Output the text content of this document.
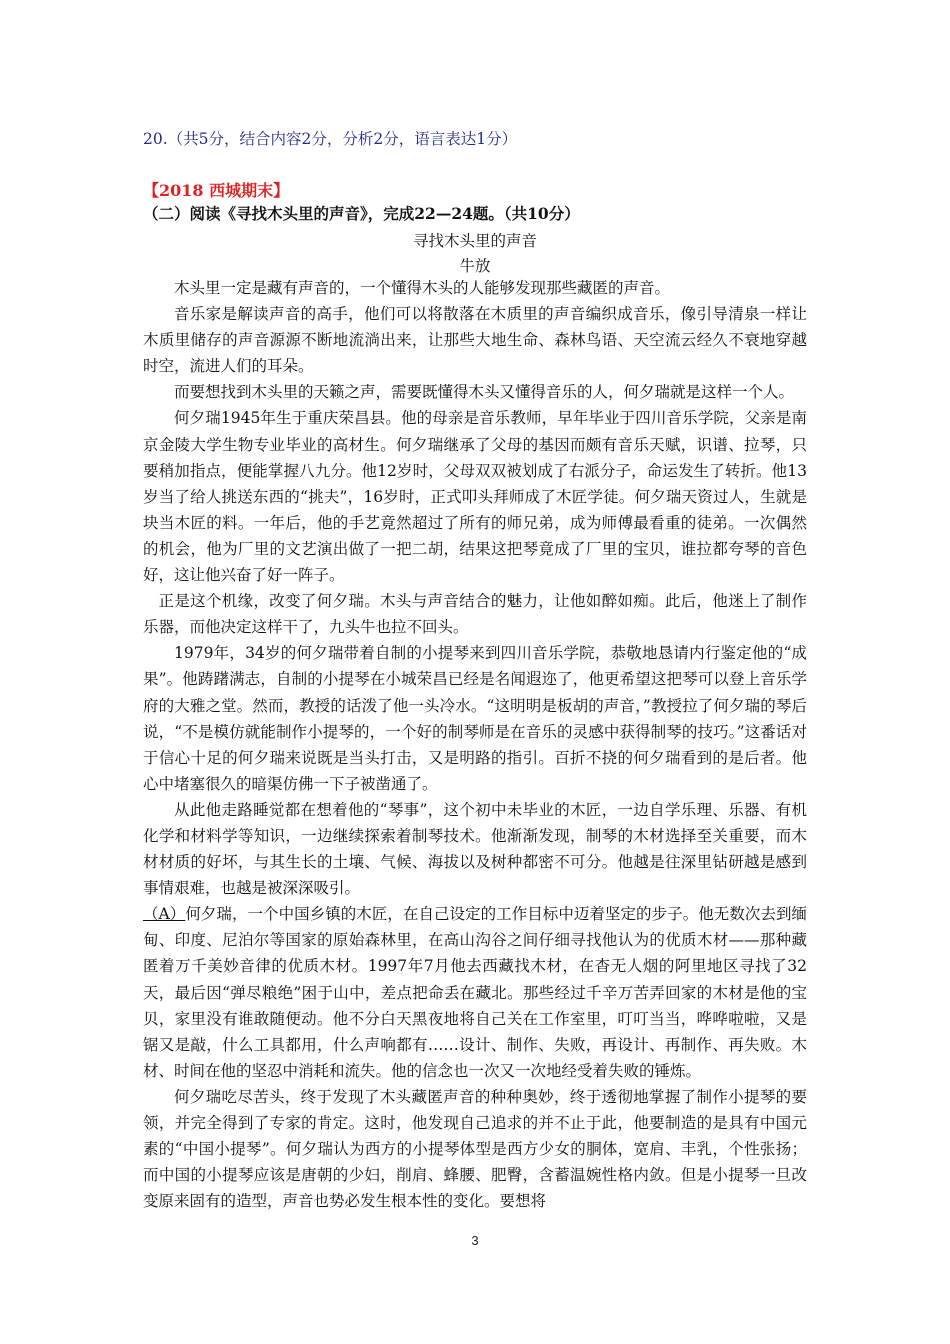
20.（共5分，结合内容2分，分析2分，语言表达1分）
【2018 西城期末】
（二）阅读《寻找木头里的声音》，完成22—24题。（共10分）
寻找木头里的声音
牛放

木头里一定是藏有声音的，一个懂得木头的人能够发现那些藏匿的声音。

音乐家是解读声音的高手，他们可以将散落在木质里的声音编织成音乐，像引导清泉一样让木质里储存的声音源源不断地流淌出来，让那些大地生命、森林鸟语、天空流云经久不衰地穿越时空，流进人们的耳朵。

而要想找到木头里的天籁之声，需要既懂得木头又懂得音乐的人，何夕瑞就是这样一个人。

何夕瑞1945年生于重庆荣昌县。他的母亲是音乐教师，早年毕业于四川音乐学院，父亲是南京金陵大学生物专业毕业的高材生。何夕瑞继承了父母的基因而颇有音乐天赋，识谱、拉琴，只要稍加指点，便能掌握八九分。他12岁时，父母双双被划成了右派分子，命运发生了转折。他13岁当了给人挑送东西的“挑夫”，16岁时，正式叩头拜师成了木匠学徒。何夕瑞天资过人，生就是块当木匠的料。一年后，他的手艺竟然超过了所有的师兄弟，成为师傅最看重的徒弟。一次偶然的机会，他为厂里的文艺演出做了一把二胡，结果这把琴竟成了厂里的宝贝，谁拉都夸琴的音色好，这让他兴奋了好一阵子。

正是这个机缘，改变了何夕瑞。木头与声音结合的魅力，让他如醉如痴。此后，他迷上了制作乐器，而他决定这样干了，九头牛也拉不回头。

1979年，34岁的何夕瑞带着自制的小提琴来到四川音乐学院，恭敬地恳请内行鉴定他的“成果”。他踌躇满志，自制的小提琴在小城荣昌已经是名闻遐迩了，他更希望这把琴可以登上音乐学府的大雅之堂。然而，教授的话泼了他一头冷水。“这明明是板胡的声音，”教授拉了何夕瑞的琴后说，“不是模仿就能制作小提琴的，一个好的制琴师是在音乐的灵感中获得制琴的技巧。”这番话对于信心十足的何夕瑞来说既是当头打击，又是明路的指引。百折不挠的何夕瑞看到的是后者。他心中堵塞很久的暗渠仿佛一下子被凿通了。

从此他走路睡觉都在想着他的“琴事”，这个初中未毕业的木匠，一边自学乐理、乐器、有机化学和材料学等知识，一边继续探索着制琴技术。他渐渐发现，制琴的木材选择至关重要，而木材材质的好坏，与其生长的土壤、气候、海拔以及树种都密不可分。他越是往深里钻研越是感到事情艰难，也越是被深深吸引。

（A）何夕瑞，一个中国乡镇的木匠，在自己设定的工作目标中迈着坚定的步子。他无数次去到缅甸、印度、尼泊尔等国家的原始森林里，在高山沟谷之间仔细寻找他认为的优质木材——那种藏匿着万千美妙音律的优质木材。1997年7月他去西藏找木材，在杳无人烟的阿里地区寻找了32天，最后因“弹尽粮绝”困于山中，差点把命丢在藏北。那些经过千辛万苦弄回家的木材是他的宝贝，家里没有谁敢随便动。他不分白天黑夜地将自己关在工作室里，叮叮当当，哗哗啦啦，又是锯又是敲，什么工具都用，什么声响都有……设计、制作、失败，再设计、再制作、再失败。木材、时间在他的坚忍中消耗和流失。他的信念也一次又一次地经受着失败的锤炼。

何夕瑞吃尽苦头，终于发现了木头藏匿声音的种种奥妙，终于透彻地掌握了制作小提琴的要领，并完全得到了专家的肯定。这时，他发现自己追求的并不止于此，他要制造的是具有中国元素的“中国小提琴”。何夕瑞认为西方的小提琴体型是西方少女的胴体，宽肩、丰乳，个性张扬；而中国的小提琴应该是唐朝的少妇，削肩、蜂腰、肥臀，含蓄温婉性格内敛。但是小提琴一旦改变原来固有的造型，声音也势必发生根本性的变化。要想将

3
